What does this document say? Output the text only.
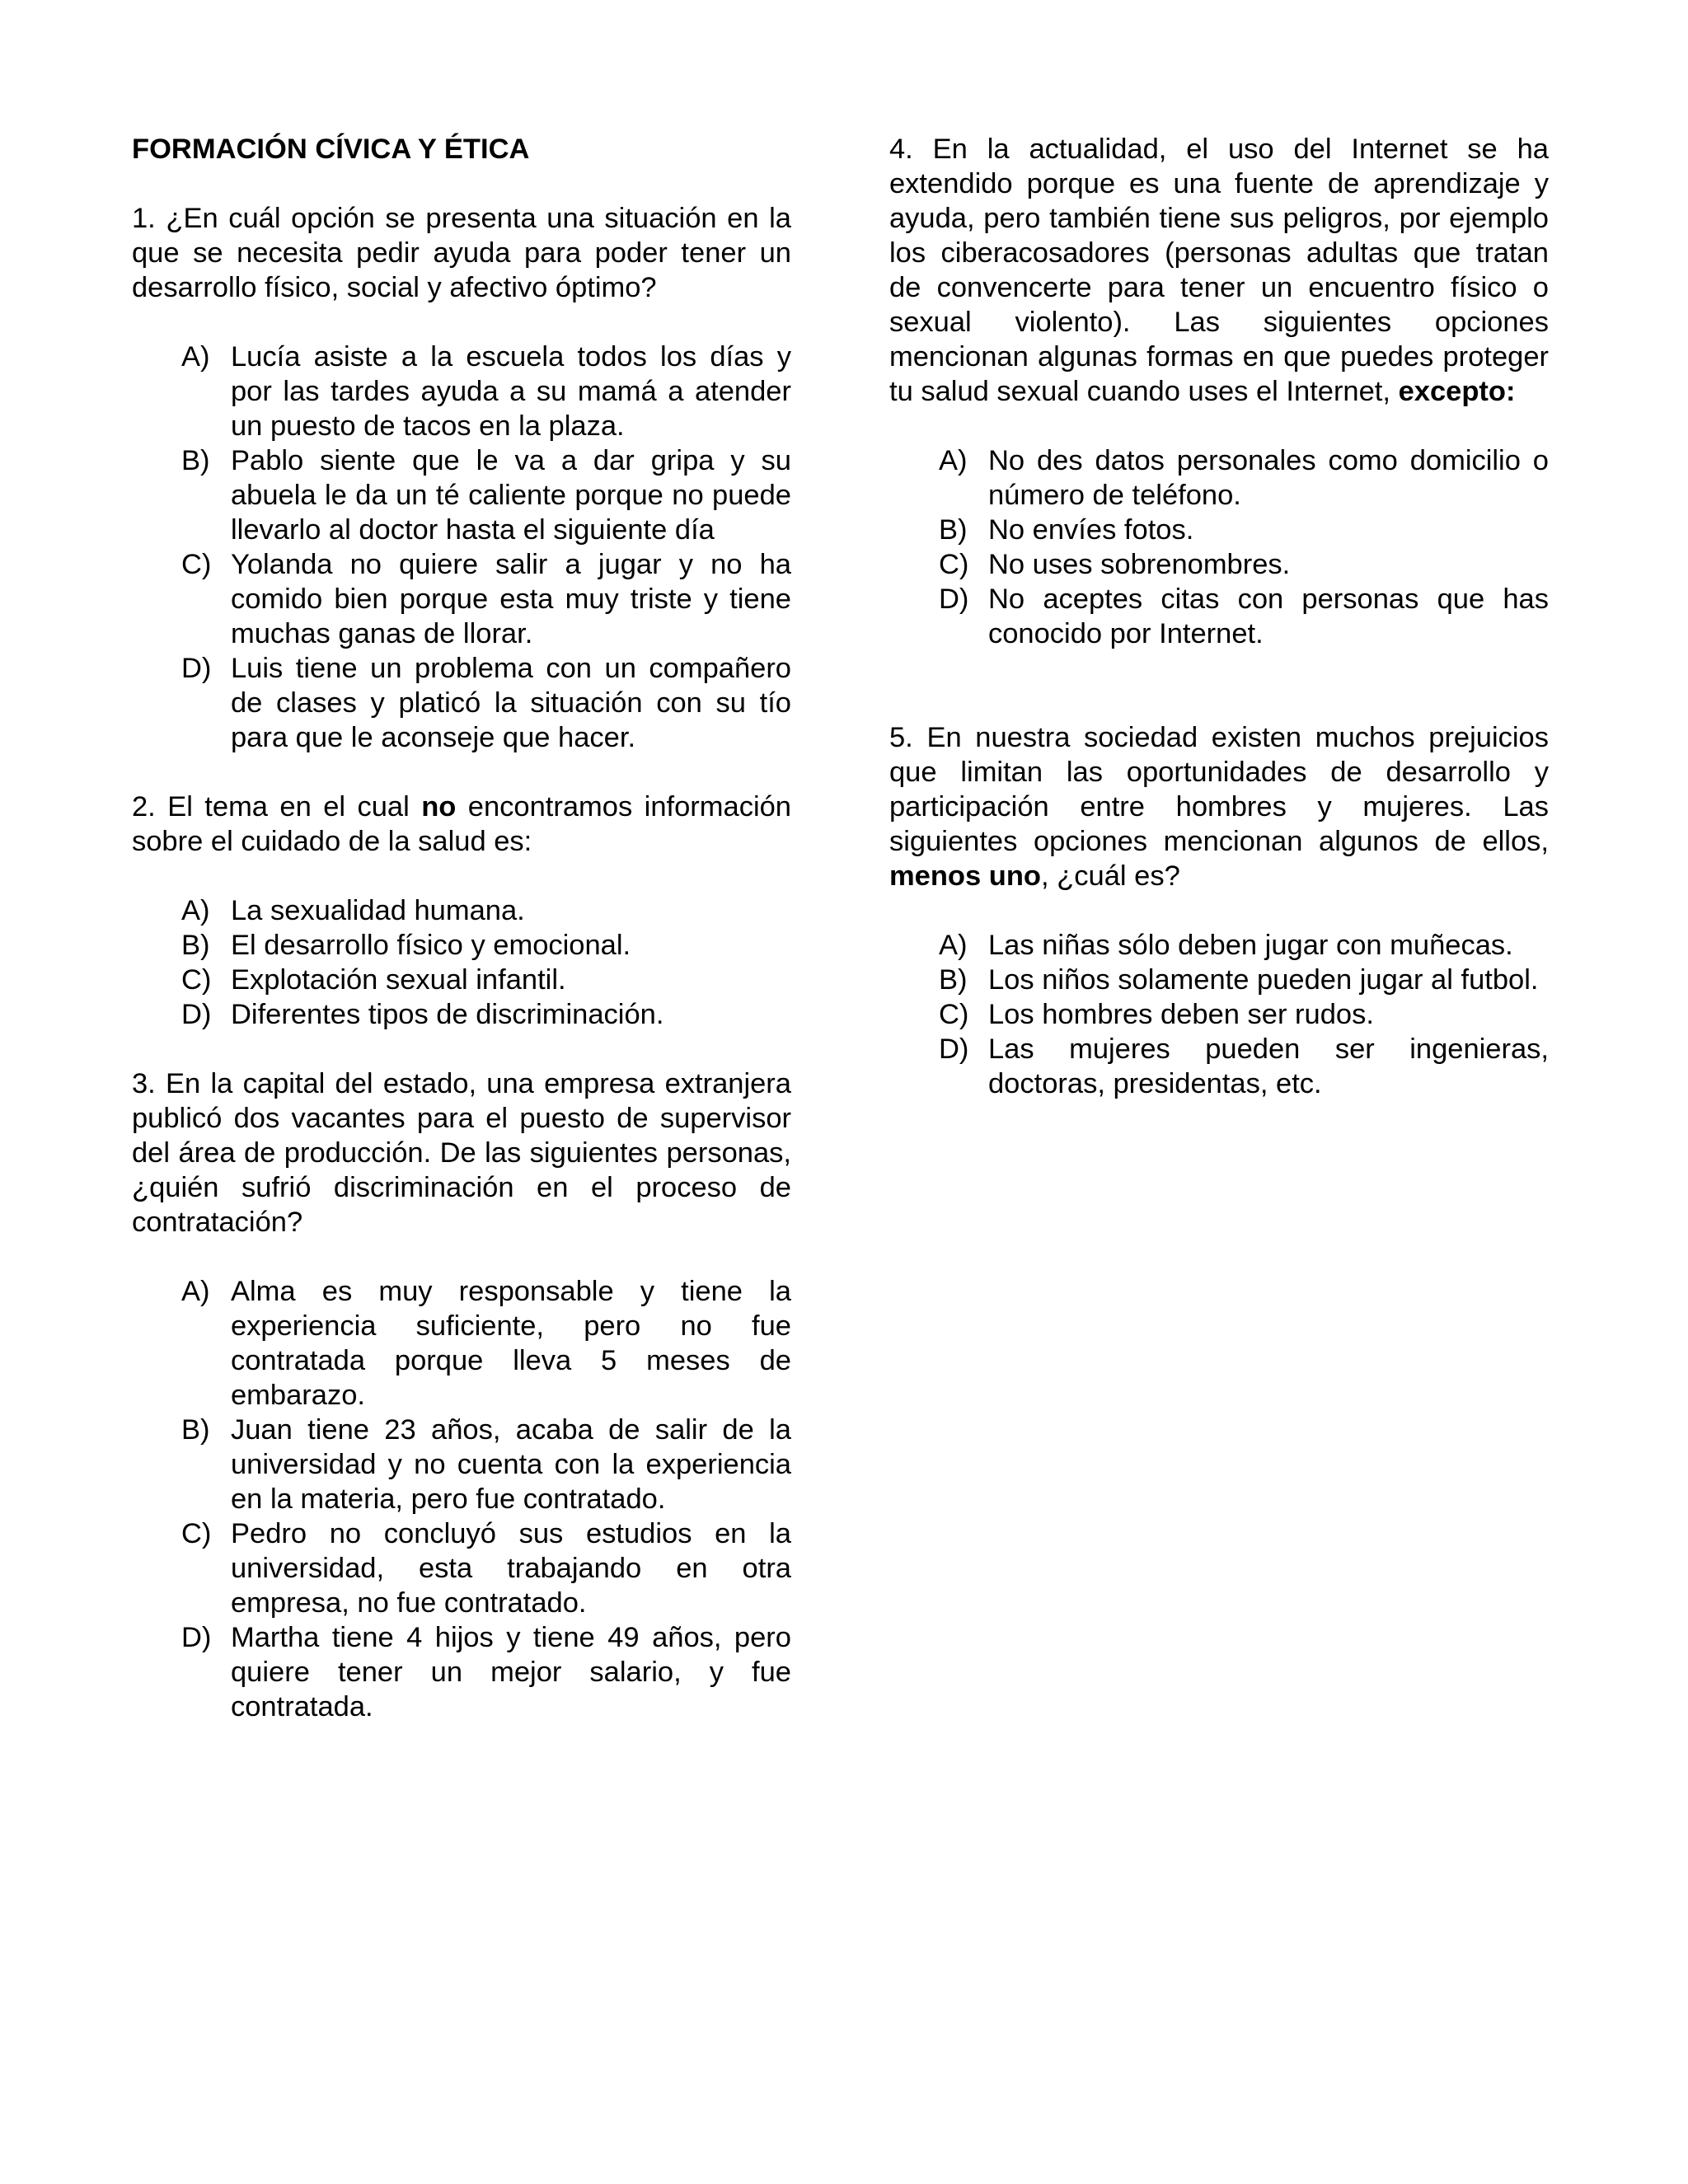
FORMACIÓN CÍVICA Y ÉTICA

1. ¿En cuál opción se presenta una situación en la que se necesita pedir ayuda para poder tener un desarrollo físico, social y afectivo óptimo?

A) Lucía asiste a la escuela todos los días y por las tardes ayuda a su mamá a atender un puesto de tacos en la plaza.
B) Pablo siente que le va a dar gripa y su abuela le da un té caliente porque no puede llevarlo al doctor hasta el siguiente día
C) Yolanda no quiere salir a jugar y no ha comido bien porque esta muy triste y tiene muchas ganas de llorar.
D) Luis tiene un problema con un compañero de clases y platicó la situación con su tío para que le aconseje que hacer.

2. El tema en el cual no encontramos información sobre el cuidado de la salud es:

A) La sexualidad humana.
B) El desarrollo físico y emocional.
C) Explotación sexual infantil.
D) Diferentes tipos de discriminación.

3. En la capital del estado, una empresa extranjera publicó dos vacantes para el puesto de supervisor del área de producción. De las siguientes personas, ¿quién sufrió discriminación en el proceso de contratación?

A) Alma es muy responsable y tiene la experiencia suficiente, pero no fue contratada porque lleva 5 meses de embarazo.
B) Juan tiene 23 años, acaba de salir de la universidad y no cuenta con la experiencia en la materia, pero fue contratado.
C) Pedro no concluyó sus estudios en la universidad, esta trabajando en otra empresa, no fue contratado.
D) Martha tiene 4 hijos y tiene 49 años, pero quiere tener un mejor salario, y fue contratada.

4. En la actualidad, el uso del Internet se ha extendido porque es una fuente de aprendizaje y ayuda, pero también tiene sus peligros, por ejemplo los ciberacosadores (personas adultas que tratan de convencerte para tener un encuentro físico o sexual violento). Las siguientes opciones mencionan algunas formas en que puedes proteger tu salud sexual cuando uses el Internet, excepto:

A) No des datos personales como domicilio o número de teléfono.
B) No envíes fotos.
C) No uses sobrenombres.
D) No aceptes citas con personas que has conocido por Internet.

5. En nuestra sociedad existen muchos prejuicios que limitan las oportunidades de desarrollo y participación entre hombres y mujeres. Las siguientes opciones mencionan algunos de ellos, menos uno, ¿cuál es?

A) Las niñas sólo deben jugar con muñecas.
B) Los niños solamente pueden jugar al futbol.
C) Los hombres deben ser rudos.
D) Las mujeres pueden ser ingenieras, doctoras, presidentas, etc.
